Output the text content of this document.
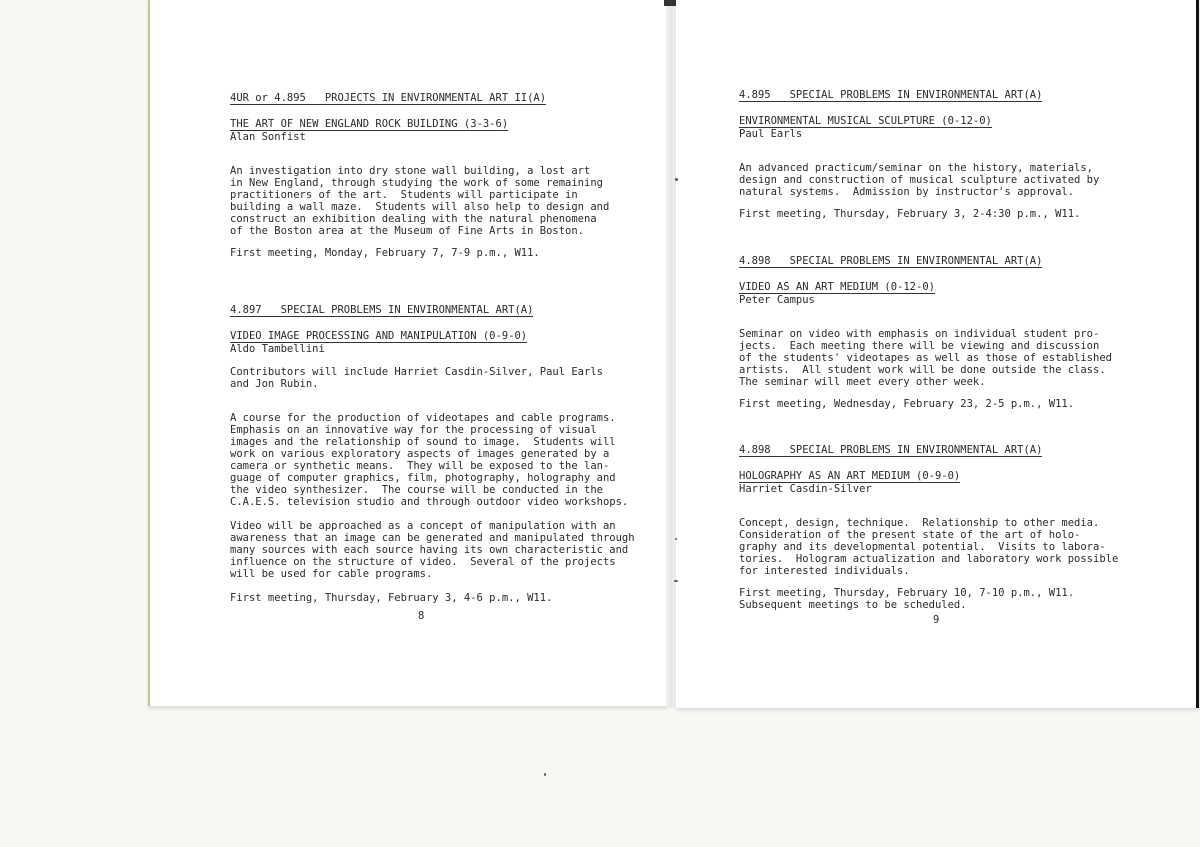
4UR or 4.895   PROJECTS IN ENVIRONMENTAL ART II(A)
THE ART OF NEW ENGLAND ROCK BUILDING (3-3-6)
Alan Sonfist

An investigation into dry stone wall building, a lost art
in New England, through studying the work of some remaining
practitioners of the art.  Students will participate in
building a wall maze.  Students will also help to design and
construct an exhibition dealing with the natural phenomena
of the Boston area at the Museum of Fine Arts in Boston.

First meeting, Monday, February 7, 7-9 p.m., W11.

4.897   SPECIAL PROBLEMS IN ENVIRONMENTAL ART(A)
VIDEO IMAGE PROCESSING AND MANIPULATION (0-9-0)
Aldo Tambellini

Contributors will include Harriet Casdin-Silver, Paul Earls
and Jon Rubin.

A course for the production of videotapes and cable programs.
Emphasis on an innovative way for the processing of visual
images and the relationship of sound to image.  Students will
work on various exploratory aspects of images generated by a
camera or synthetic means.  They will be exposed to the lan-
guage of computer graphics, film, photography, holography and
the video synthesizer.  The course will be conducted in the
C.A.E.S. television studio and through outdoor video workshops.

Video will be approached as a concept of manipulation with an
awareness that an image can be generated and manipulated through
many sources with each source having its own characteristic and
influence on the structure of video.  Several of the projects
will be used for cable programs.

First meeting, Thursday, February 3, 4-6 p.m., W11.

8
4.895   SPECIAL PROBLEMS IN ENVIRONMENTAL ART(A)
ENVIRONMENTAL MUSICAL SCULPTURE (0-12-0)
Paul Earls

An advanced practicum/seminar on the history, materials,
design and construction of musical sculpture activated by
natural systems.  Admission by instructor's approval.

First meeting, Thursday, February 3, 2-4:30 p.m., W11.

4.898   SPECIAL PROBLEMS IN ENVIRONMENTAL ART(A)
VIDEO AS AN ART MEDIUM (0-12-0)
Peter Campus

Seminar on video with emphasis on individual student pro-
jects.  Each meeting there will be viewing and discussion
of the students' videotapes as well as those of established
artists.  All student work will be done outside the class.
The seminar will meet every other week.

First meeting, Wednesday, February 23, 2-5 p.m., W11.

4.898   SPECIAL PROBLEMS IN ENVIRONMENTAL ART(A)
HOLOGRAPHY AS AN ART MEDIUM (0-9-0)
Harriet Casdin-Silver

Concept, design, technique.  Relationship to other media.
Consideration of the present state of the art of holo-
graphy and its developmental potential.  Visits to labora-
tories.  Hologram actualization and laboratory work possible
for interested individuals.

First meeting, Thursday, February 10, 7-10 p.m., W11.
Subsequent meetings to be scheduled.

9
